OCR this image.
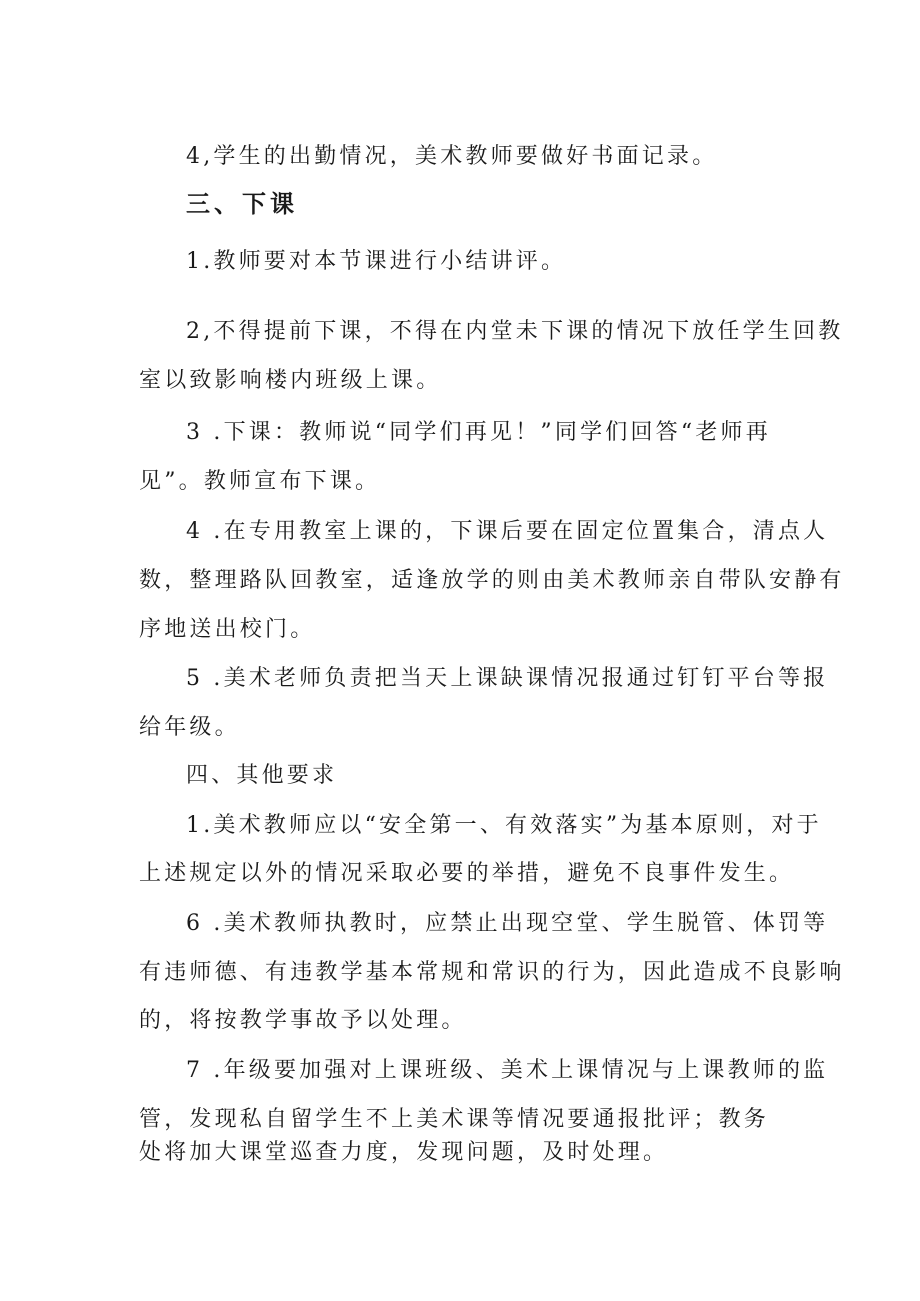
4,学生的出勤情况，美术教师要做好书面记录。
三、下课
1.教师要对本节课进行小结讲评。
2,不得提前下课，不得在内堂未下课的情况下放任学生回教
室以致影响楼内班级上课。
3 .下课：教师说“同学们再见！”同学们回答“老师再
见”。教师宣布下课。
4 .在专用教室上课的，下课后要在固定位置集合，清点人
数，整理路队回教室，适逢放学的则由美术教师亲自带队安静有
序地送出校门。
5 .美术老师负责把当天上课缺课情况报通过钉钉平台等报
给年级。
四、其他要求
1.美术教师应以“安全第一、有效落实”为基本原则，对于
上述规定以外的情况采取必要的举措，避免不良事件发生。
6 .美术教师执教时，应禁止出现空堂、学生脱管、体罚等
有违师德、有违教学基本常规和常识的行为，因此造成不良影响
的，将按教学事故予以处理。
7 .年级要加强对上课班级、美术上课情况与上课教师的监
管，发现私自留学生不上美术课等情况要通报批评；教务
处将加大课堂巡查力度，发现问题，及时处理。
